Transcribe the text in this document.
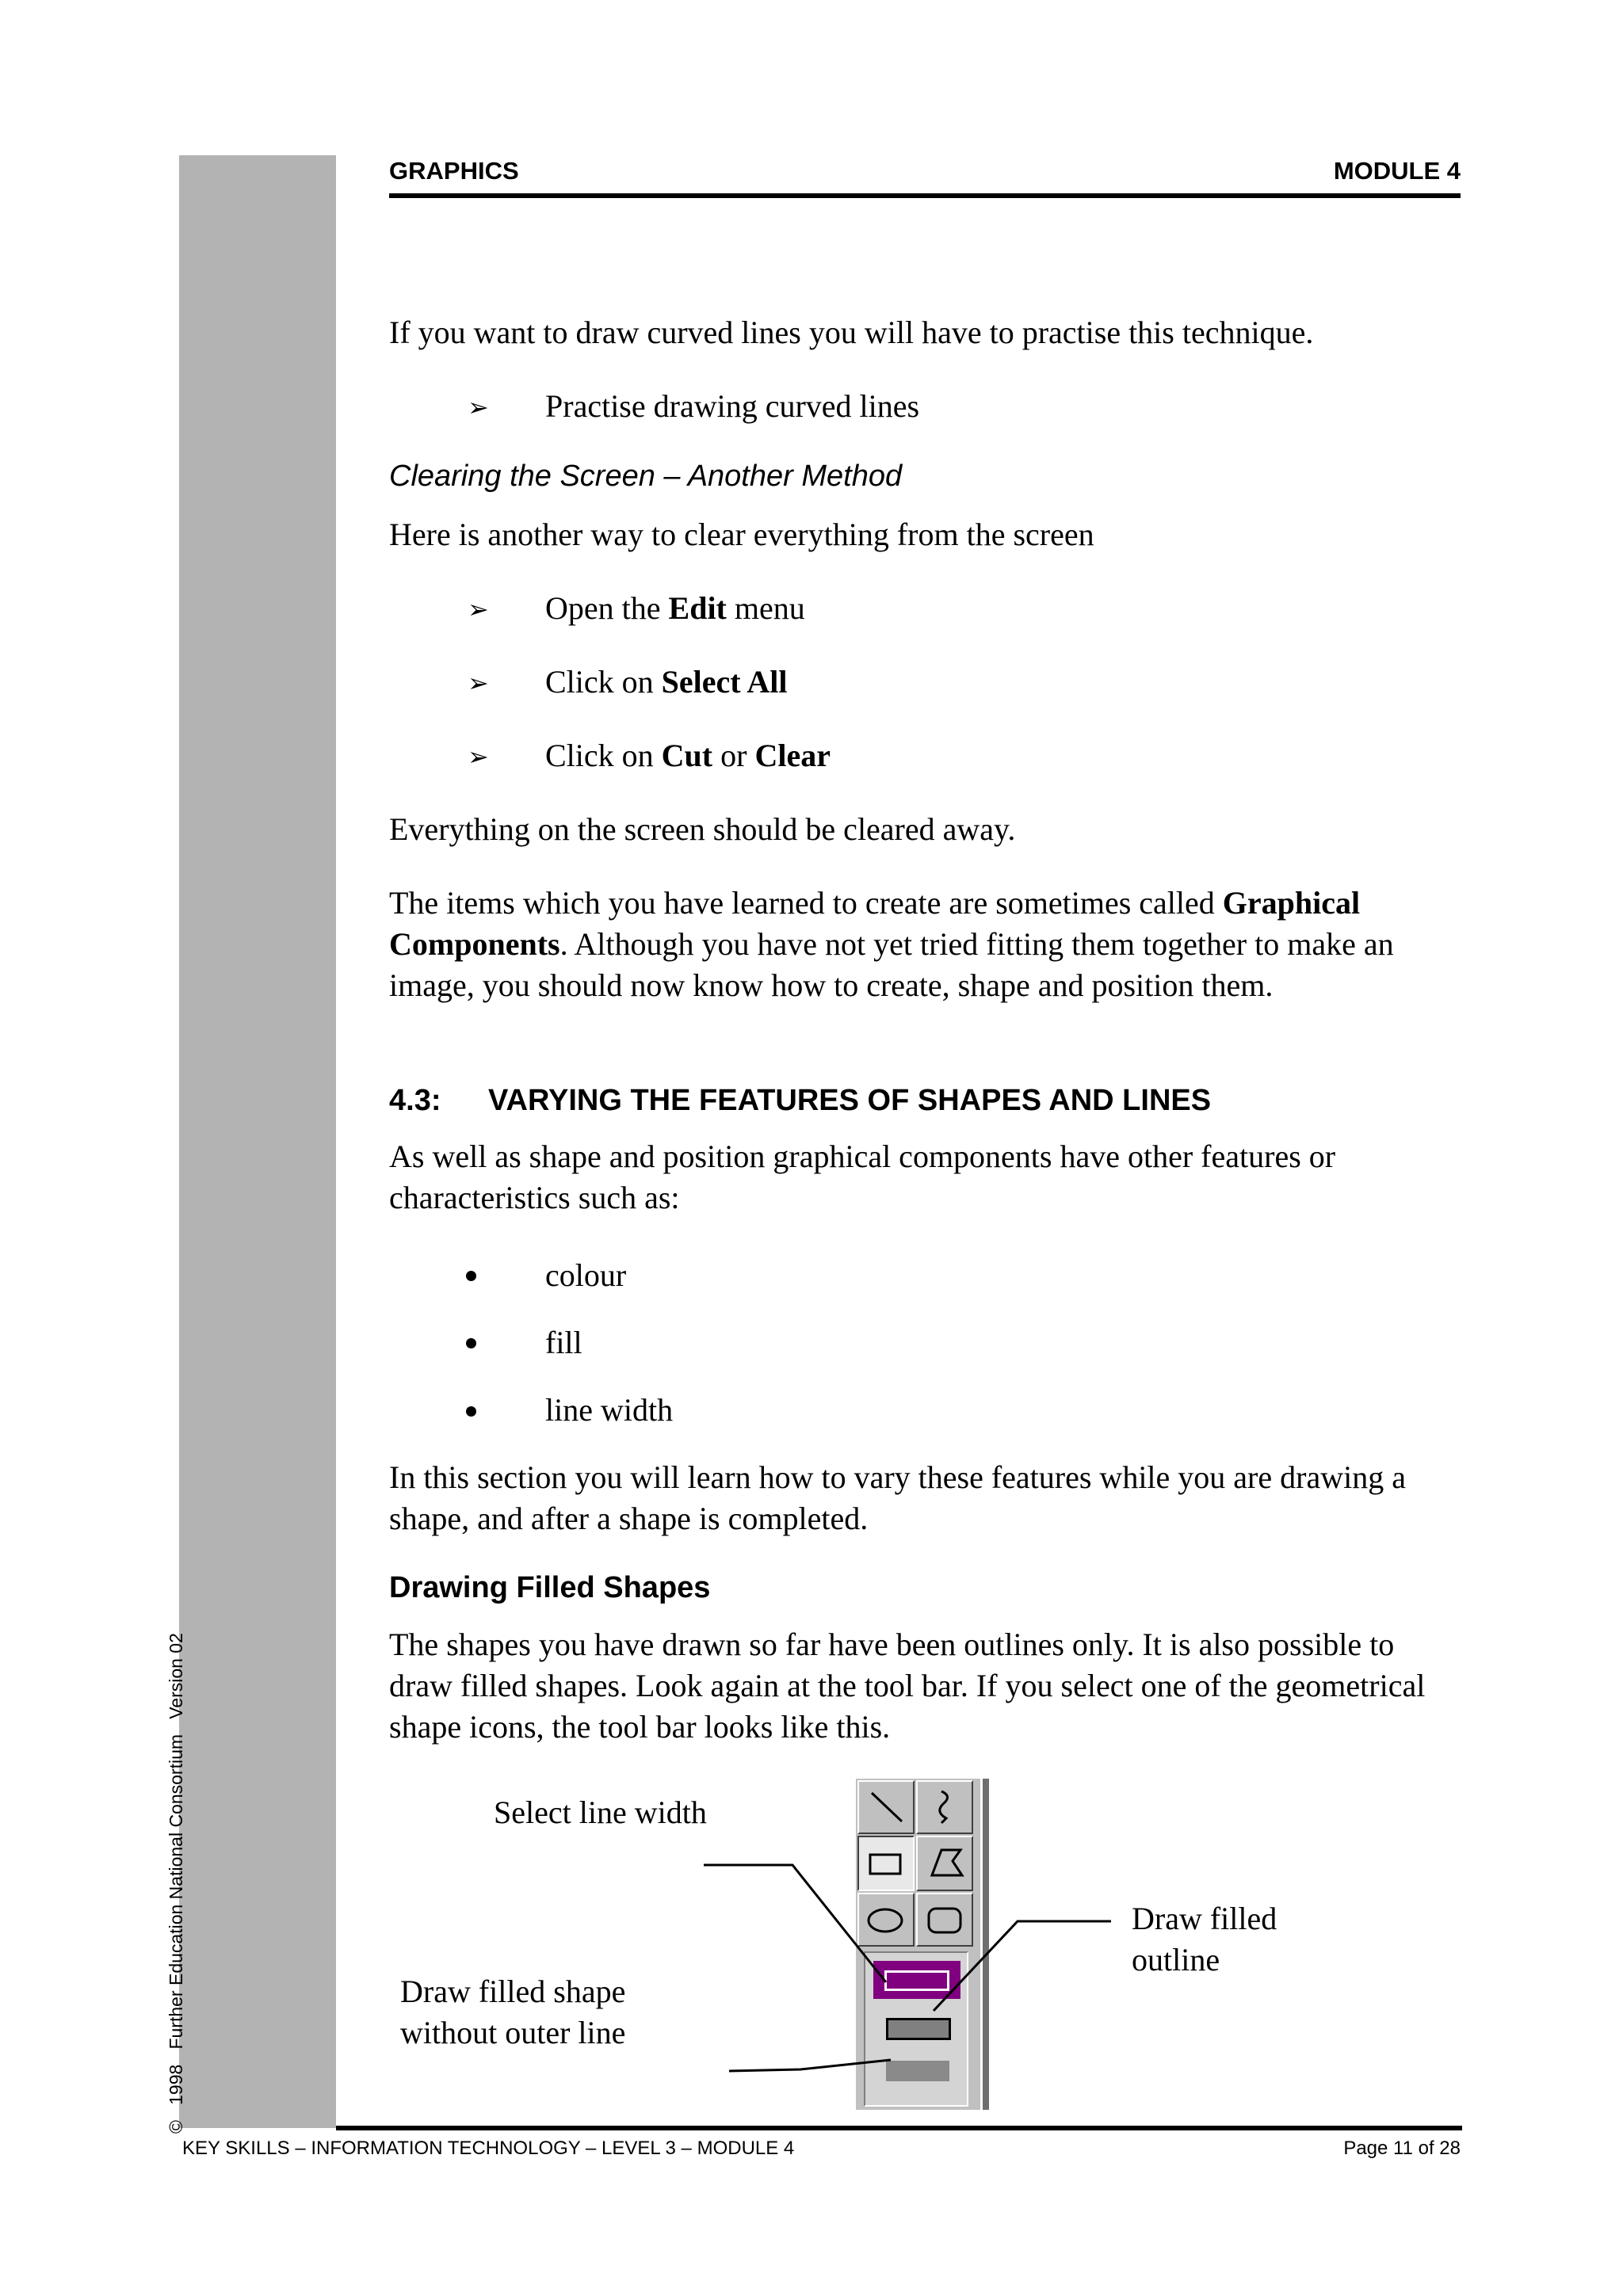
©   1998   Further Education National Consortium   Version 02
GRAPHICS	MODULE 4
If you want to draw curved lines you will have to practise this technique.
➢ Practise drawing curved lines
Clearing the Screen – Another Method
Here is another way to clear everything from the screen
➢ Open the Edit menu
➢ Click on Select All
➢ Click on Cut or Clear
Everything on the screen should be cleared away.
The items which you have learned to create are sometimes called Graphical Components. Although you have not yet tried fitting them together to make an image, you should now know how to create, shape and position them.
4.3: VARYING THE FEATURES OF SHAPES AND LINES
As well as shape and position graphical components have other features or characteristics such as:
colour
fill
line width
In this section you will learn how to vary these features while you are drawing a shape, and after a shape is completed.
Drawing Filled Shapes
The shapes you have drawn so far have been outlines only. It is also possible to draw filled shapes. Look again at the tool bar. If you select one of the geometrical shape icons, the tool bar looks like this.
Select line width
Draw filled shape without outer line
Draw filled outline
KEY SKILLS – INFORMATION TECHNOLOGY – LEVEL 3 – MODULE 4	Page 11 of 28
